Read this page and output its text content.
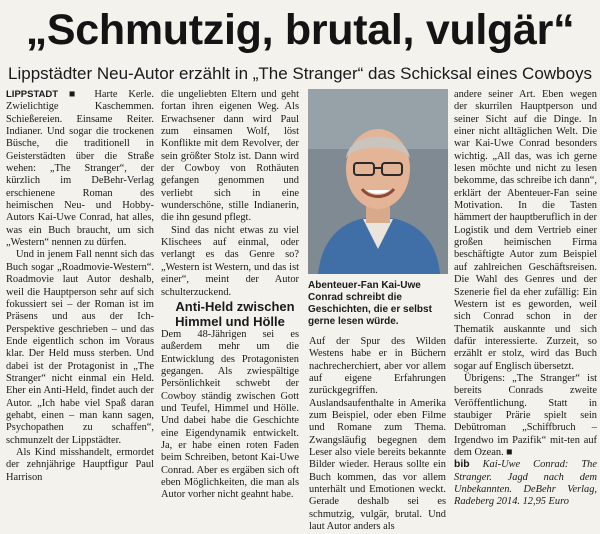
„Schmutzig, brutal, vulgär“
Lippstädter Neu-Autor erzählt in „The Stranger“ das Schicksal eines Cowboys

LIPPSTADT ■ Harte Kerle. Zwielichtige Kaschemmen. Schießereien. Einsame Reiter. Indianer. Und sogar die trockenen Büsche, die traditionell in Geisterstädten über die Straße wehen: „The Stranger“, der kürzlich im DeBehr-Verlag erschienene Roman des heimischen Neu- und Hobby-Autors Kai-Uwe Conrad, hat alles, was ein Buch braucht, um sich „Western“ nennen zu dürfen.

Und in jenem Fall nennt sich das Buch sogar „Roadmovie-Western“. Roadmovie laut Autor deshalb, weil die Hauptperson sehr auf sich fokussiert sei – der Roman ist im Präsens und aus der Ich-Perspektive geschrieben – und das Ende eigentlich schon im Voraus klar. Der Held muss sterben. Und dabei ist der Protagonist in „The Stranger“ nicht einmal ein Held. Eher ein Anti-Held, findet auch der Autor. „Ich habe viel Spaß daran gehabt, einen – man kann sagen, Psychopathen zu schaffen“, schmunzelt der Lippstädter.

Als Kind misshandelt, ermordet der zehnjährige Hauptfigur Paul Harrison

die ungeliebten Eltern und geht fortan ihren eigenen Weg. Als Erwachsener dann wird Paul zum einsamen Wolf, löst Konflikte mit dem Revolver, der sein größter Stolz ist. Dann wird der Cowboy von Rothäuten gefangen genommen und verliebt sich in eine wunderschöne, stille Indianerin, die ihn gesund pflegt.

Sind das nicht etwas zu viel Klischees auf einmal, oder verlangt es das Genre so? „Western ist Western, und das ist einer“, meint der Autor schulterzuckend.

Anti-Held zwischen Himmel und Hölle

Dem 48-Jährigen sei es außerdem mehr um die Entwicklung des Protagonisten gegangen. Als zwiespältige Persönlichkeit schwebt der Cowboy ständig zwischen Gott und Teufel, Himmel und Hölle. Und dabei habe die Geschichte eine Eigendynamik entwickelt. Ja, er habe einen roten Faden beim Schreiben, betont Kai-Uwe Conrad. Aber es ergäben sich oft eben Möglichkeiten, die man als Autor vorher nicht geahnt habe.

Abenteuer-Fan Kai-Uwe Conrad schreibt die Geschichten, die er selbst gerne lesen würde.

Auf der Spur des Wilden Westens habe er in Büchern nachrecherchiert, aber vor allem auf eigene Erfahrungen zurückgegriffen. Auslandsaufenthalte in Amerika zum Beispiel, oder eben Filme und Romane zum Thema. Zwangsläufig begegnen dem Leser also viele bereits bekannte Bilder wieder. Heraus sollte ein Buch kommen, das vor allem unterhält und Emotionen weckt. Gerade deshalb sei es schmutzig, vulgär, brutal. Und laut Autor anders als

andere seiner Art. Eben wegen der skurrilen Hauptperson und seiner Sicht auf die Dinge. In einer nicht alltäglichen Welt. Die war Kai-Uwe Conrad besonders wichtig. „All das, was ich gerne lesen möchte und nicht zu lesen bekomme, das schreibe ich dann“, erklärt der Abenteuer-Fan seine Motivation. In die Tasten hämmert der hauptberuflich in der Logistik und dem Vertrieb einer großen heimischen Firma beschäftigte Autor zum Beispiel auf zahlreichen Geschäftsreisen. Die Wahl des Genres und der Szenerie fiel da eher zufällig: Ein Western ist es geworden, weil sich Conrad schon in der Thematik auskannte und sich dafür interessierte. Zurzeit, so erzählt er stolz, wird das Buch sogar auf Englisch übersetzt.

Übrigens: „The Stranger“ ist bereits Conrads zweite Veröffentlichung. Statt in staubiger Prärie spielt sein Debütroman „Schiffbruch – Irgendwo im Pazifik“ mit-ten auf dem Ozean. ■

bib Kai-Uwe Conrad: The Stranger. Jagd nach dem Unbekannten. DeBehr Verlag, Radeberg 2014. 12,95 Euro
